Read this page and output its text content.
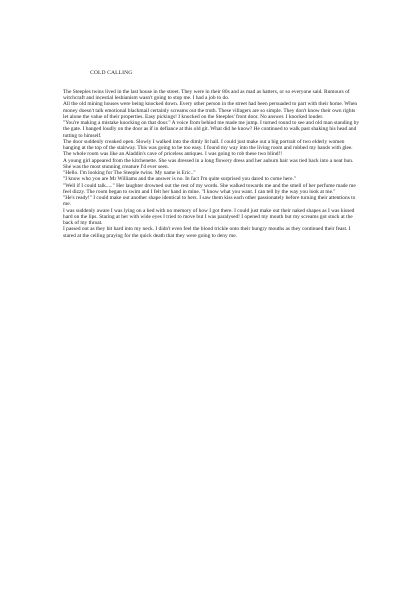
COLD CALLING

The Steeples twins lived in the last house in the street. They were in their 80s and as mad as hatters, or so everyone said. Rumours of witchcraft and incestial lesbianism wasn't going to stop me. I had a job to do.

All the old mining houses were being knocked down. Every other person in the street had been persuaded to part with their home. When money doesn't talk emotional blackmail certainly screams out the truth. These villagers are so simple. They don't know their own rights let alone the value of their properties. Easy pickings! I knocked on the Steeples' front door. No answer. I knocked louder.

"You're making a mistake knocking on that door." A voice from behind me made me jump. I turned round to see and old man standing by the gate. I banged loudly on the door as if in defiance at this old git. What did he know? He continued to walk past shaking his head and tutting to himself.

The door suddenly creaked open. Slowly I walked into the dimly lit hall. I could just make out a big portrait of two elderly women hanging at the top of the stairway. This was going to be too easy. I found my way into the living room and rubbed my hands with glee. The whole room was like an Aladdin's cave of priceless antiques. I was going to rob these two blind!!

A young girl appeared from the kitchenette. She was dressed in a long flowery dress and her auburn hair was tied back into a neat bun. She was the most stunning creature I'd ever seen.

"Hello. I'm looking for The Steeple twins. My name is Eric.."

"I know who you are Mr Williams and the answer is no. In fact I'm quite surprised you dared to come here."

"Well if I could talk....." Her laughter drowned out the rest of my words. She walked towards me and the smell of her perfume made me feel dizzy. The room began to swim and I felt her hand in mine. "I know what you want. I can tell by the way you look at me."

"He's ready!" I could make out another shape identical to hers. I saw them kiss each other passionately before turning their attentions to me.

I was suddenly aware I was lying on a bed with no memory of how I got there. I could just make out their naked shapes as I was kissed hard on the lips. Staring at her with wide eyes I tried to move but I was paralysed! I opened my mouth but my screams got stuck at the back of my throat.

I passed out as they bit hard into my neck. I didn't even feel the blood trickle onto their hungry mouths as they continued their feast. I stared at the ceiling praying for the quick death that they were going to deny me.
